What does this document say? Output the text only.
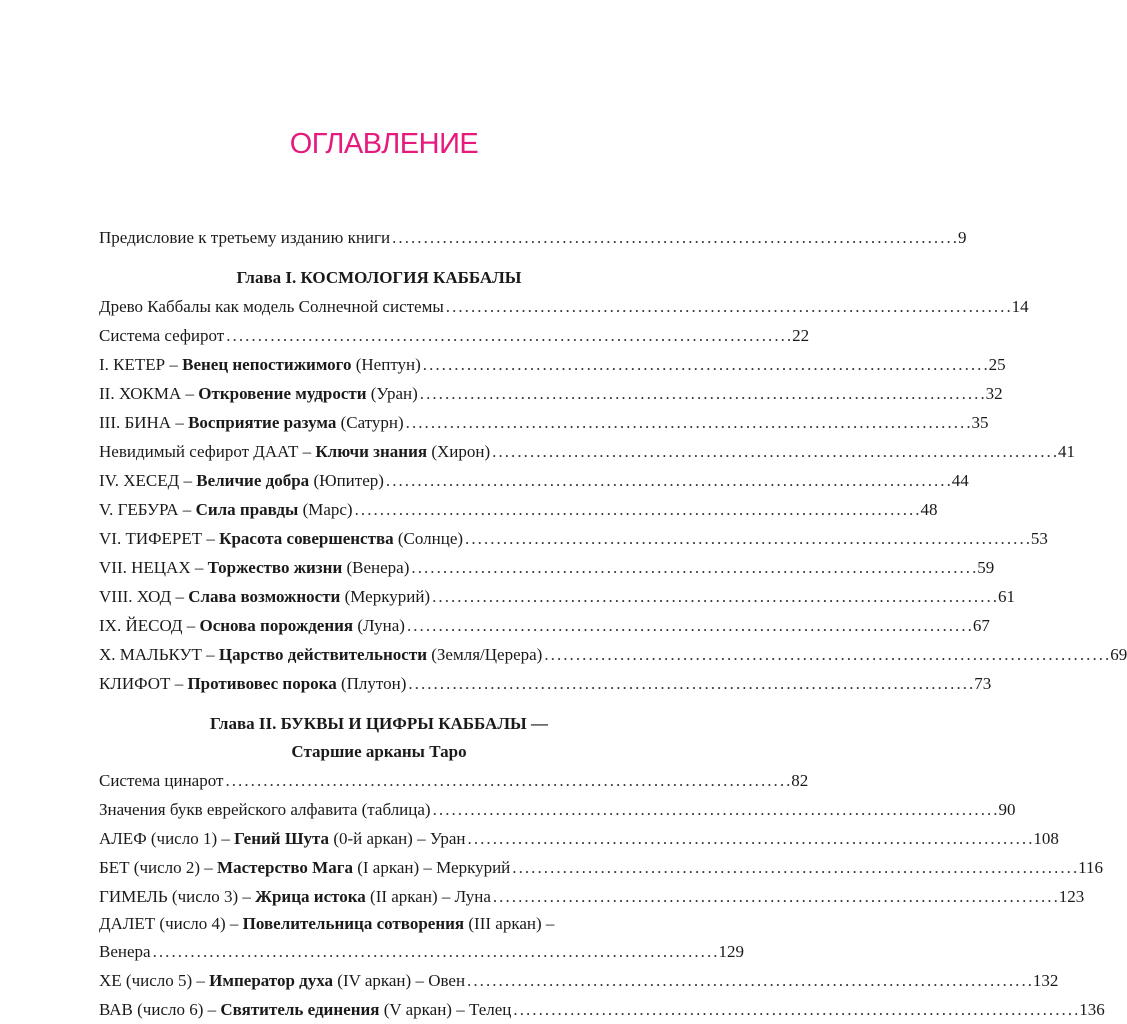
ОГЛАВЛЕНИЕ
Предисловие к третьему изданию книги . . .	9
Глава I. КОСМОЛОГИЯ КАББАЛЫ
Древо Каббалы как модель Солнечной системы . . .	14
Система сефирот . . .	22
I. КЕТЕР – Венец непостижимого (Нептун) . . .	25
II. ХОКМА – Откровение мудрости (Уран) . . .	32
III. БИНА – Восприятие разума (Сатурн) . . .	35
Невидимый сефирот ДААТ – Ключи знания (Хирон) . . .	41
IV. ХЕСЕД – Величие добра (Юпитер) . . .	44
V. ГЕБУРА – Сила правды (Марс) . . .	48
VI. ТИФЕРЕТ – Красота совершенства (Солнце) . . .	53
VII. НЕЦАХ – Торжество жизни (Венера) . . .	59
VIII. ХОД – Слава возможности (Меркурий) . . .	61
IX. ЙЕСОД – Основа порождения (Луна) . . .	67
X. МАЛЬКУТ – Царство действительности (Земля/Церера) . . .	69
КЛИФОТ – Противовес порока (Плутон) . . .	73
Глава II. БУКВЫ И ЦИФРЫ КАББАЛЫ —
Старшие арканы Таро
Система цинарот . . .	82
Значения букв еврейского алфавита (таблица) . . .	90
АЛЕФ (число 1) – Гений Шута (0-й аркан) – Уран . . .	108
БЕТ (число 2) – Мастерство Мага (I аркан) – Меркурий . . .	116
ГИМЕЛЬ (число 3) – Жрица истока (II аркан) – Луна . . .	123
ДАЛЕТ (число 4) – Повелительница сотворения (III аркан) –
Венера . . .	129
ХЕ (число 5) – Император духа (IV аркан) – Овен . . .	132
ВАВ (число 6) – Святитель единения (V аркан) – Телец . . .	136
